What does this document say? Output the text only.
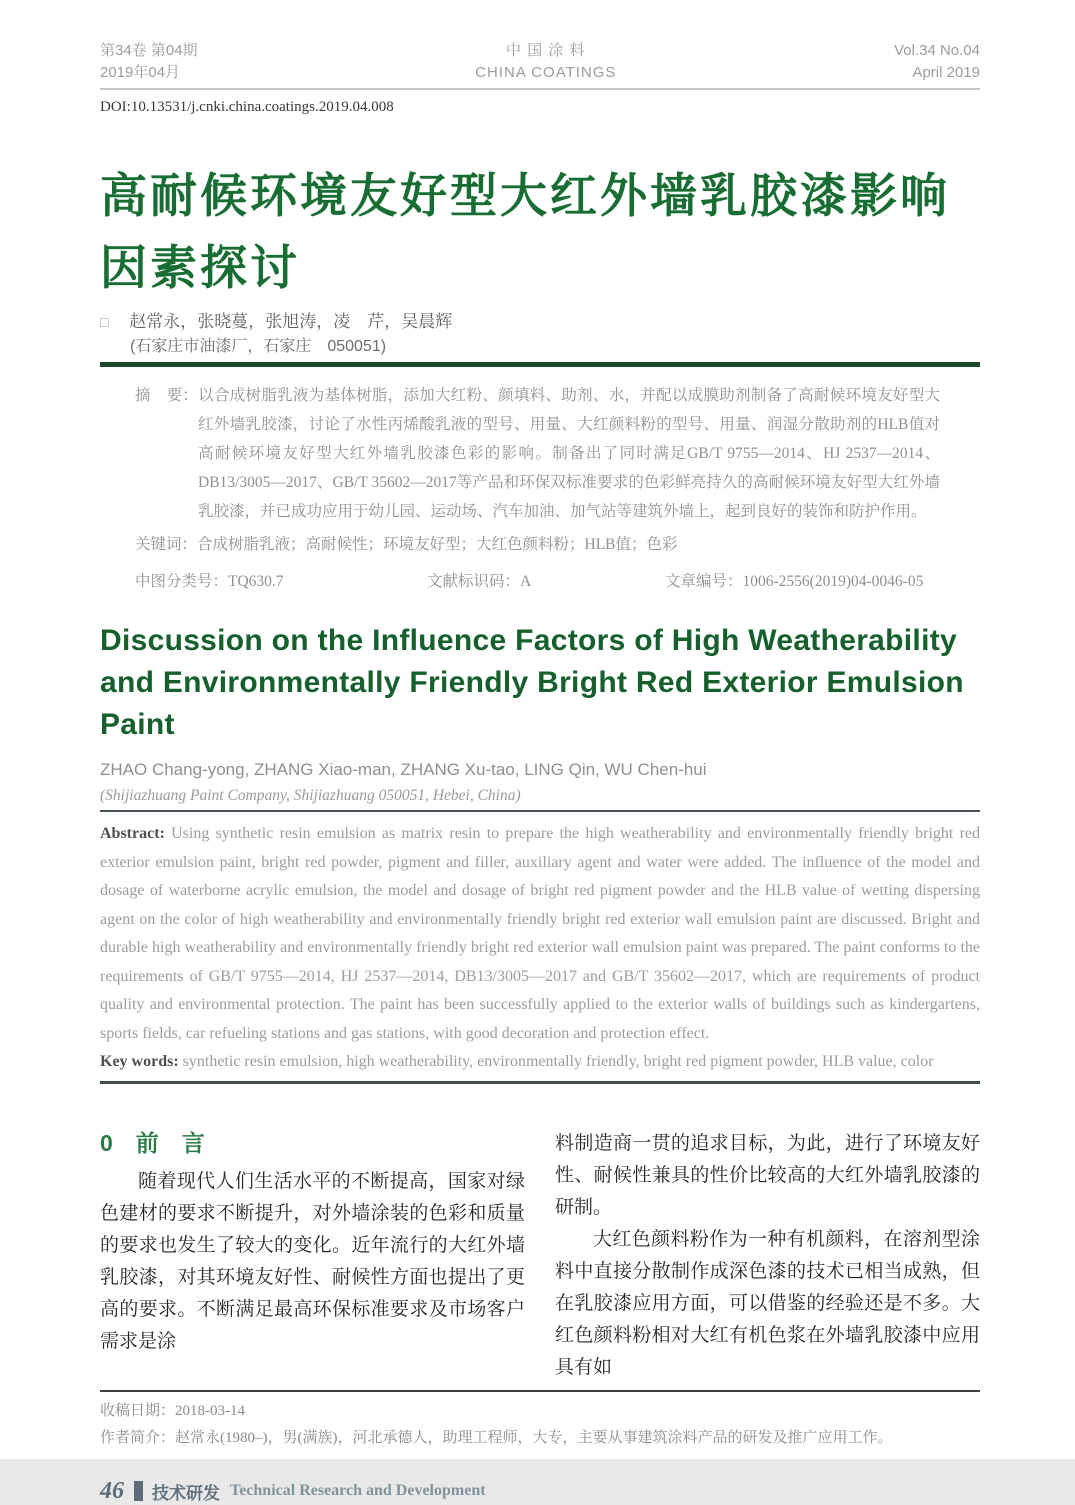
第34卷 第04期
2019年04月
中 国 涂 料
CHINA COATINGS
Vol.34 No.04
April 2019
DOI:10.13531/j.cnki.china.coatings.2019.04.008
高耐候环境友好型大红外墙乳胶漆影响
因素探讨
□ 赵常永，张晓蔓，张旭涛，凌　芹，吴晨辉
(石家庄市油漆厂，石家庄　050051)

摘　要：以合成树脂乳液为基体树脂，添加大红粉、颜填料、助剂、水，并配以成膜助剂制备了高耐候环境友好型大红外墙乳胶漆，讨论了水性丙烯酸乳液的型号、用量、大红颜料粉的型号、用量、润湿分散助剂的HLB值对高耐候环境友好型大红外墙乳胶漆色彩的影响。制备出了同时满足GB/T 9755—2014、HJ 2537—2014、DB13/3005—2017、GB/T 35602—2017等产品和环保双标准要求的色彩鲜亮持久的高耐候环境友好型大红外墙乳胶漆，并已成功应用于幼儿园、运动场、汽车加油、加气站等建筑外墙上，起到良好的装饰和防护作用。

关键词：合成树脂乳液；高耐候性；环境友好型；大红色颜料粉；HLB值；色彩
中图分类号：TQ630.7	文献标识码：A	文章编号：1006-2556(2019)04-0046-05
Discussion on the Influence Factors of High Weatherability
and Environmentally Friendly Bright Red Exterior Emulsion
Paint
ZHAO Chang-yong, ZHANG Xiao-man, ZHANG Xu-tao, LING Qin, WU Chen-hui
(Shijiazhuang Paint Company, Shijiazhuang 050051, Hebei, China)

Abstract: Using synthetic resin emulsion as matrix resin to prepare the high weatherability and environmentally friendly bright red exterior emulsion paint, bright red powder, pigment and filler, auxiliary agent and water were added. The influence of the model and dosage of waterborne acrylic emulsion, the model and dosage of bright red pigment powder and the HLB value of wetting dispersing agent on the color of high weatherability and environmentally friendly bright red exterior wall emulsion paint are discussed. Bright and durable high weatherability and environmentally friendly bright red exterior wall emulsion paint was prepared. The paint conforms to the requirements of GB/T 9755—2014, HJ 2537—2014, DB13/3005—2017 and GB/T 35602—2017, which are requirements of product quality and environmental protection. The paint has been successfully applied to the exterior walls of buildings such as kindergartens, sports fields, car refueling stations and gas stations, with good decoration and protection effect.

Key words: synthetic resin emulsion, high weatherability, environmentally friendly, bright red pigment powder, HLB value, color

0　前　言

随着现代人们生活水平的不断提高，国家对绿色建材的要求不断提升，对外墙涂装的色彩和质量的要求也发生了较大的变化。近年流行的大红外墙乳胶漆，对其环境友好性、耐候性方面也提出了更高的要求。不断满足最高环保标准要求及市场客户需求是涂

料制造商一贯的追求目标，为此，进行了环境友好性、耐候性兼具的性价比较高的大红外墙乳胶漆的研制。

大红色颜料粉作为一种有机颜料，在溶剂型涂料中直接分散制作成深色漆的技术已相当成熟，但在乳胶漆应用方面，可以借鉴的经验还是不多。大红色颜料粉相对大红有机色浆在外墙乳胶漆中应用具有如

收稿日期：2018-03-14

作者简介：赵常永(1980–)，男(满族)，河北承德人，助理工程师，大专，主要从事建筑涂料产品的研发及推广应用工作。

46 技术研发 Technical Research and Development
